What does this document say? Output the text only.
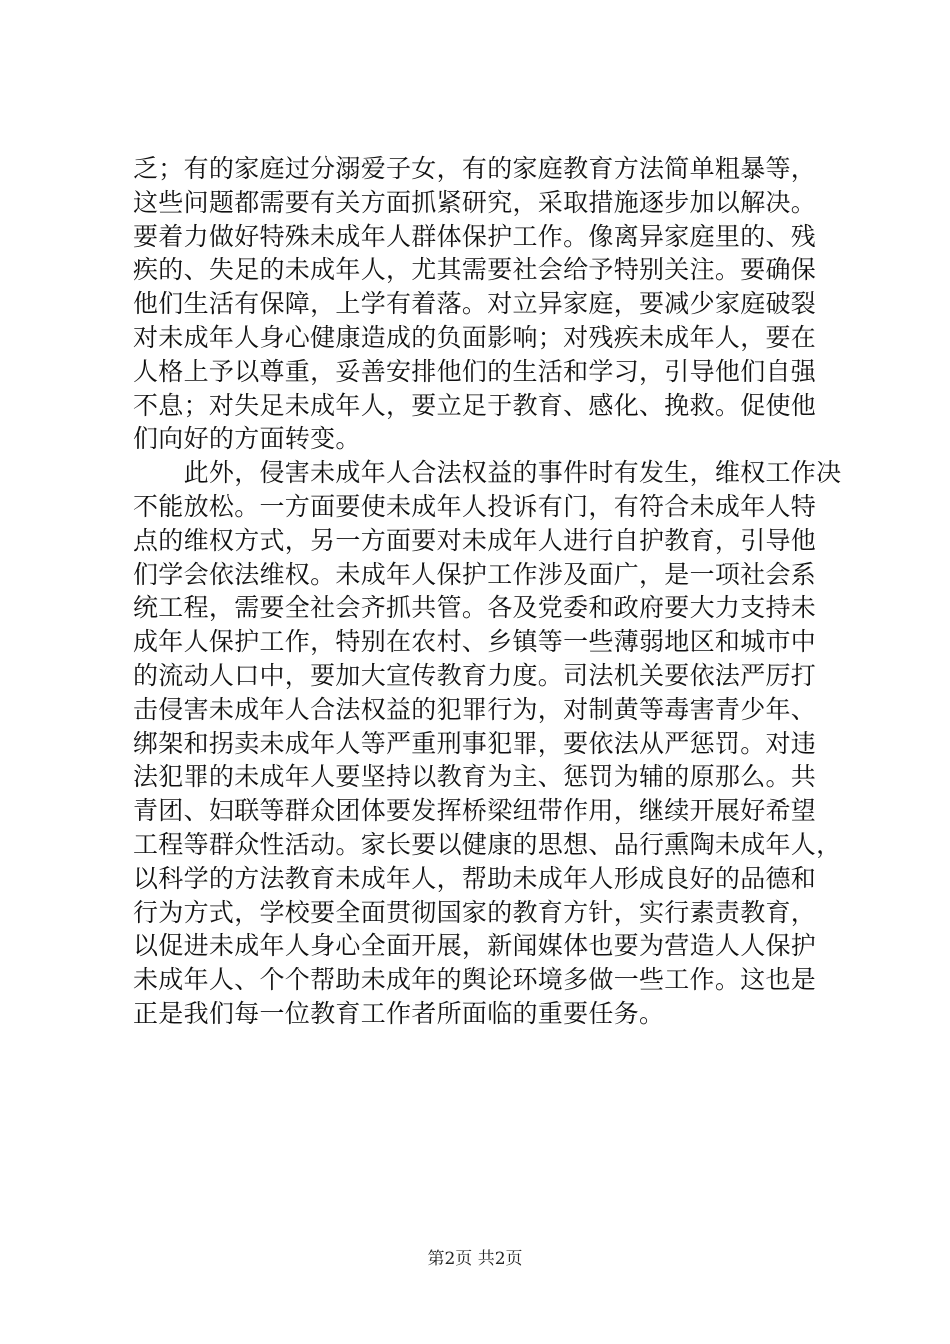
乏；有的家庭过分溺爱子女，有的家庭教育方法简单粗暴等，
这些问题都需要有关方面抓紧研究，采取措施逐步加以解决。
要着力做好特殊未成年人群体保护工作。像离异家庭里的、残
疾的、失足的未成年人，尤其需要社会给予特别关注。要确保
他们生活有保障，上学有着落。对立异家庭，要减少家庭破裂
对未成年人身心健康造成的负面影响；对残疾未成年人，要在
人格上予以尊重，妥善安排他们的生活和学习，引导他们自强
不息；对失足未成年人，要立足于教育、感化、挽救。促使他
们向好的方面转变。
　　此外，侵害未成年人合法权益的事件时有发生，维权工作决
不能放松。一方面要使未成年人投诉有门，有符合未成年人特
点的维权方式，另一方面要对未成年人进行自护教育，引导他
们学会依法维权。未成年人保护工作涉及面广，是一项社会系
统工程，需要全社会齐抓共管。各及党委和政府要大力支持未
成年人保护工作，特别在农村、乡镇等一些薄弱地区和城市中
的流动人口中，要加大宣传教育力度。司法机关要依法严厉打
击侵害未成年人合法权益的犯罪行为，对制黄等毒害青少年、
绑架和拐卖未成年人等严重刑事犯罪，要依法从严惩罚。对违
法犯罪的未成年人要坚持以教育为主、惩罚为辅的原那么。共
青团、妇联等群众团体要发挥桥梁纽带作用，继续开展好希望
工程等群众性活动。家长要以健康的思想、品行熏陶未成年人，
以科学的方法教育未成年人，帮助未成年人形成良好的品德和
行为方式，学校要全面贯彻国家的教育方针，实行素责教育，
以促进未成年人身心全面开展，新闻媒体也要为营造人人保护
未成年人、个个帮助未成年的舆论环境多做一些工作。这也是
正是我们每一位教育工作者所面临的重要任务。
第2页 共2页
